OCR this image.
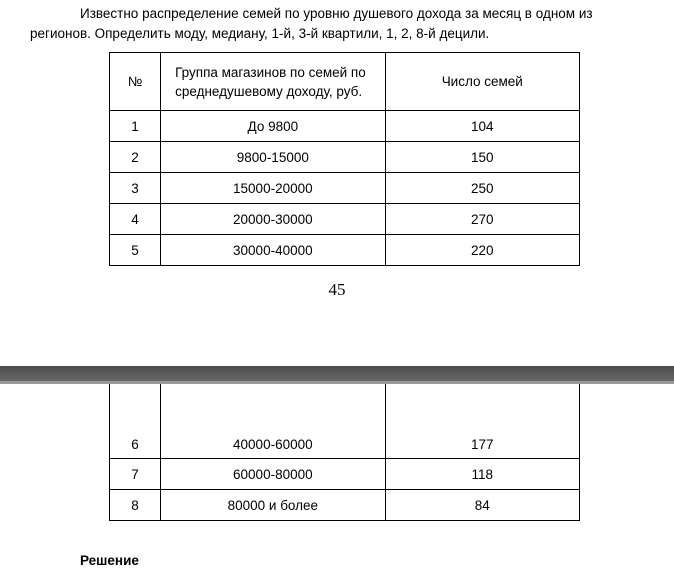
Известно распределение семей по уровню душевого дохода за месяц в одном из регионов. Определить моду, медиану, 1-й, 3-й квартили, 1, 2, 8-й децили.

№	Группа магазинов по семей по среднедушевому доходу, руб.	Число семей
1	До 9800	104
2	9800-15000	150
3	15000-20000	250
4	20000-30000	270
5	30000-40000	220
45
6	40000-60000	177
7	60000-80000	118
8	80000 и более	84
Решение
